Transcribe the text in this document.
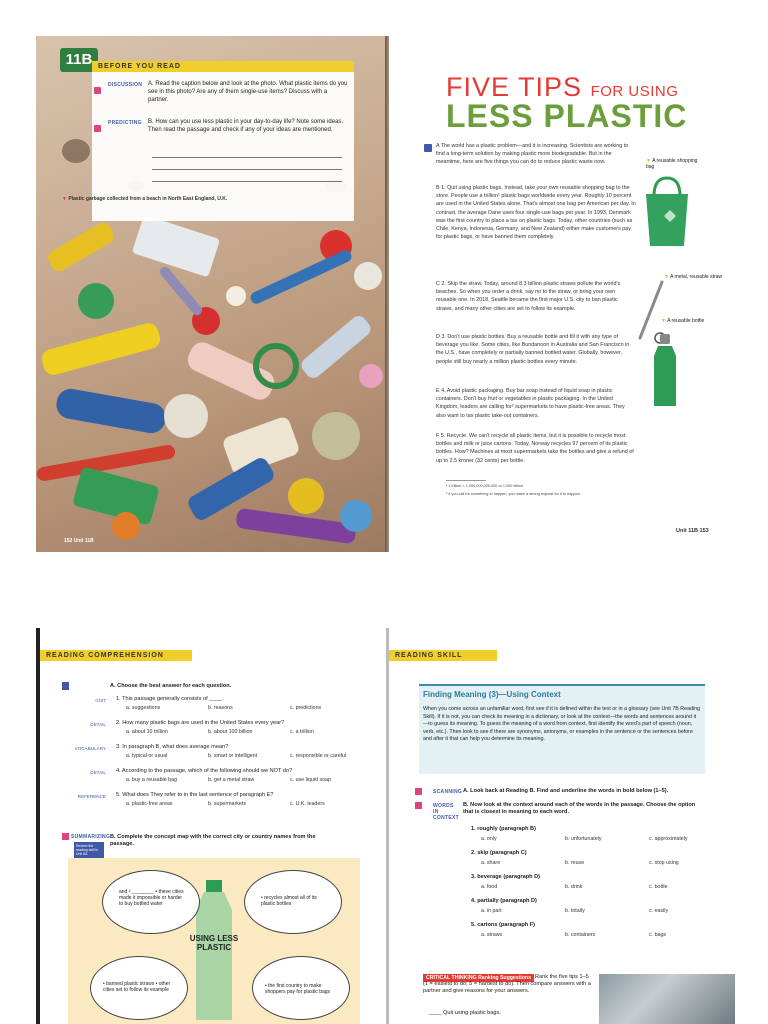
11B BEFORE YOU READ
DISCUSSION A. Read the caption below and look at the photo. What plastic items do you see in this photo? Are any of them single-use items? Discuss with a partner.
PREDICTING B. How can you use less plastic in your day-to-day life? Note some ideas. Then read the passage and check if any of your ideas are mentioned.
▼ Plastic garbage collected from a beach in North East England, U.K.
152 Unit 11B
FIVE TIPS FOR USING
LESS PLASTIC
A The world has a plastic problem—and it is increasing. Scientists are working to find a long-term solution by making plastic more biodegradable. But in the meantime, here are five things you can do to reduce plastic waste now.
B 1. Quit using plastic bags. Instead, take your own reusable shopping bag to the store. People use a trillion¹ plastic bags worldwide every year. Roughly 10 percent are used in the United States alone. That's almost one bag per American per day. In contrast, the average Dane uses four single-use bags per year. In 1993, Denmark was the first country to place a tax on plastic bags. Today, other countries (such as Chile, Kenya, Indonesia, Germany, and New Zealand) either make customers pay for plastic bags, or have banned them completely.
C 2. Skip the straw. Today, around 8.3 billion plastic straws pollute the world's beaches. So when you order a drink, say no to the straw, or bring your own reusable one. In 2018, Seattle became the first major U.S. city to ban plastic straws, and many other cities are set to follow its example.
D 3. Don't use plastic bottles. Buy a reusable bottle and fill it with any type of beverage you like. Some cities, like Bundanoon in Australia and San Francisco in the U.S., have completely or partially banned bottled water. Globally, however, people still buy nearly a million plastic bottles every minute.
E 4. Avoid plastic packaging. Buy bar soap instead of liquid soap in plastic containers. Don't buy fruit or vegetables in plastic packaging. In the United Kingdom, leaders are calling for² supermarkets to have plastic-free areas. They also want to tax plastic take-out containers.
F 5. Recycle. We can't recycle all plastic items, but it is possible to recycle most bottles and milk or juice cartons. Today, Norway recycles 97 percent of its plastic bottles. How? Machines at most supermarkets take the bottles and give a refund of up to 2.5 kroner (32 cents) per bottle.
¹ 1 trillion = 1,000,000,000,000 or 1,000 billion
² If you call for something to happen, you make a strong request for it to happen.
▼ A reusable shopping bag
▼ A metal, reusable straw
▼ A reusable bottle
Unit 11B 153
READING COMPREHENSION
A. Choose the best answer for each question.
GIST 1. This passage generally consists of ____.
a. suggestions	b. reasons	c. predictions
DETAIL 2. How many plastic bags are used in the United States every year?
a. about 10 trillion	b. about 100 billion	c. a trillion
VOCABULARY 3. In paragraph B, what does average mean?
a. typical or usual	b. smart or intelligent	c. responsible or careful
DETAIL 4. According to the passage, which of the following should we NOT do?
a. buy a reusable bag	b. get a metal straw	c. use liquid soap
REFERENCE 5. What does They refer to in the last sentence of paragraph E?
a. plastic-free areas	b. supermarkets	c. U.K. leaders
SUMMARIZING
Review the reading skill in Unit 8A
B. Complete the concept map with the correct city or country names from the passage.
USING LESS PLASTIC
and ² ________ • these cities made it impossible or harder to buy bottled water
• recycles almost all of its plastic bottles
• banned plastic straws • other cities set to follow its example
• the first country to make shoppers pay for plastic bags
READING SKILL
Finding Meaning (3)—Using Context
When you come across an unfamiliar word, first see if it is defined within the text or in a glossary (see Unit 7B Reading Skill). If it is not, you can check its meaning in a dictionary, or look at the context—the words and sentences around it—to guess its meaning. To guess the meaning of a word from context, first identify the word's part of speech (noun, verb, etc.). Then look to see if there are synonyms, antonyms, or examples in the sentence or the sentences before and after it that can help you determine its meaning.
SCANNING A. Look back at Reading B. Find and underline the words in bold below (1–5).
WORDS IN CONTEXT
B. Now look at the context around each of the words in the passage. Choose the option that is closest in meaning to each word.
1. roughly (paragraph B)
a. only	b. unfortunately	c. approximately
2. skip (paragraph C)
a. share	b. reuse	c. stop using
3. beverage (paragraph D)
a. food	b. drink	c. bottle
4. partially (paragraph D)
a. in part	b. totally	c. easily
5. cartons (paragraph F)
a. straws	b. containers	c. bags
CRITICAL THINKING Ranking Suggestions Rank the five tips 1–5 (1 = easiest to do; 5 = hardest to do). Then compare answers with a partner and give reasons for your answers.
____ Quit using plastic bags.
